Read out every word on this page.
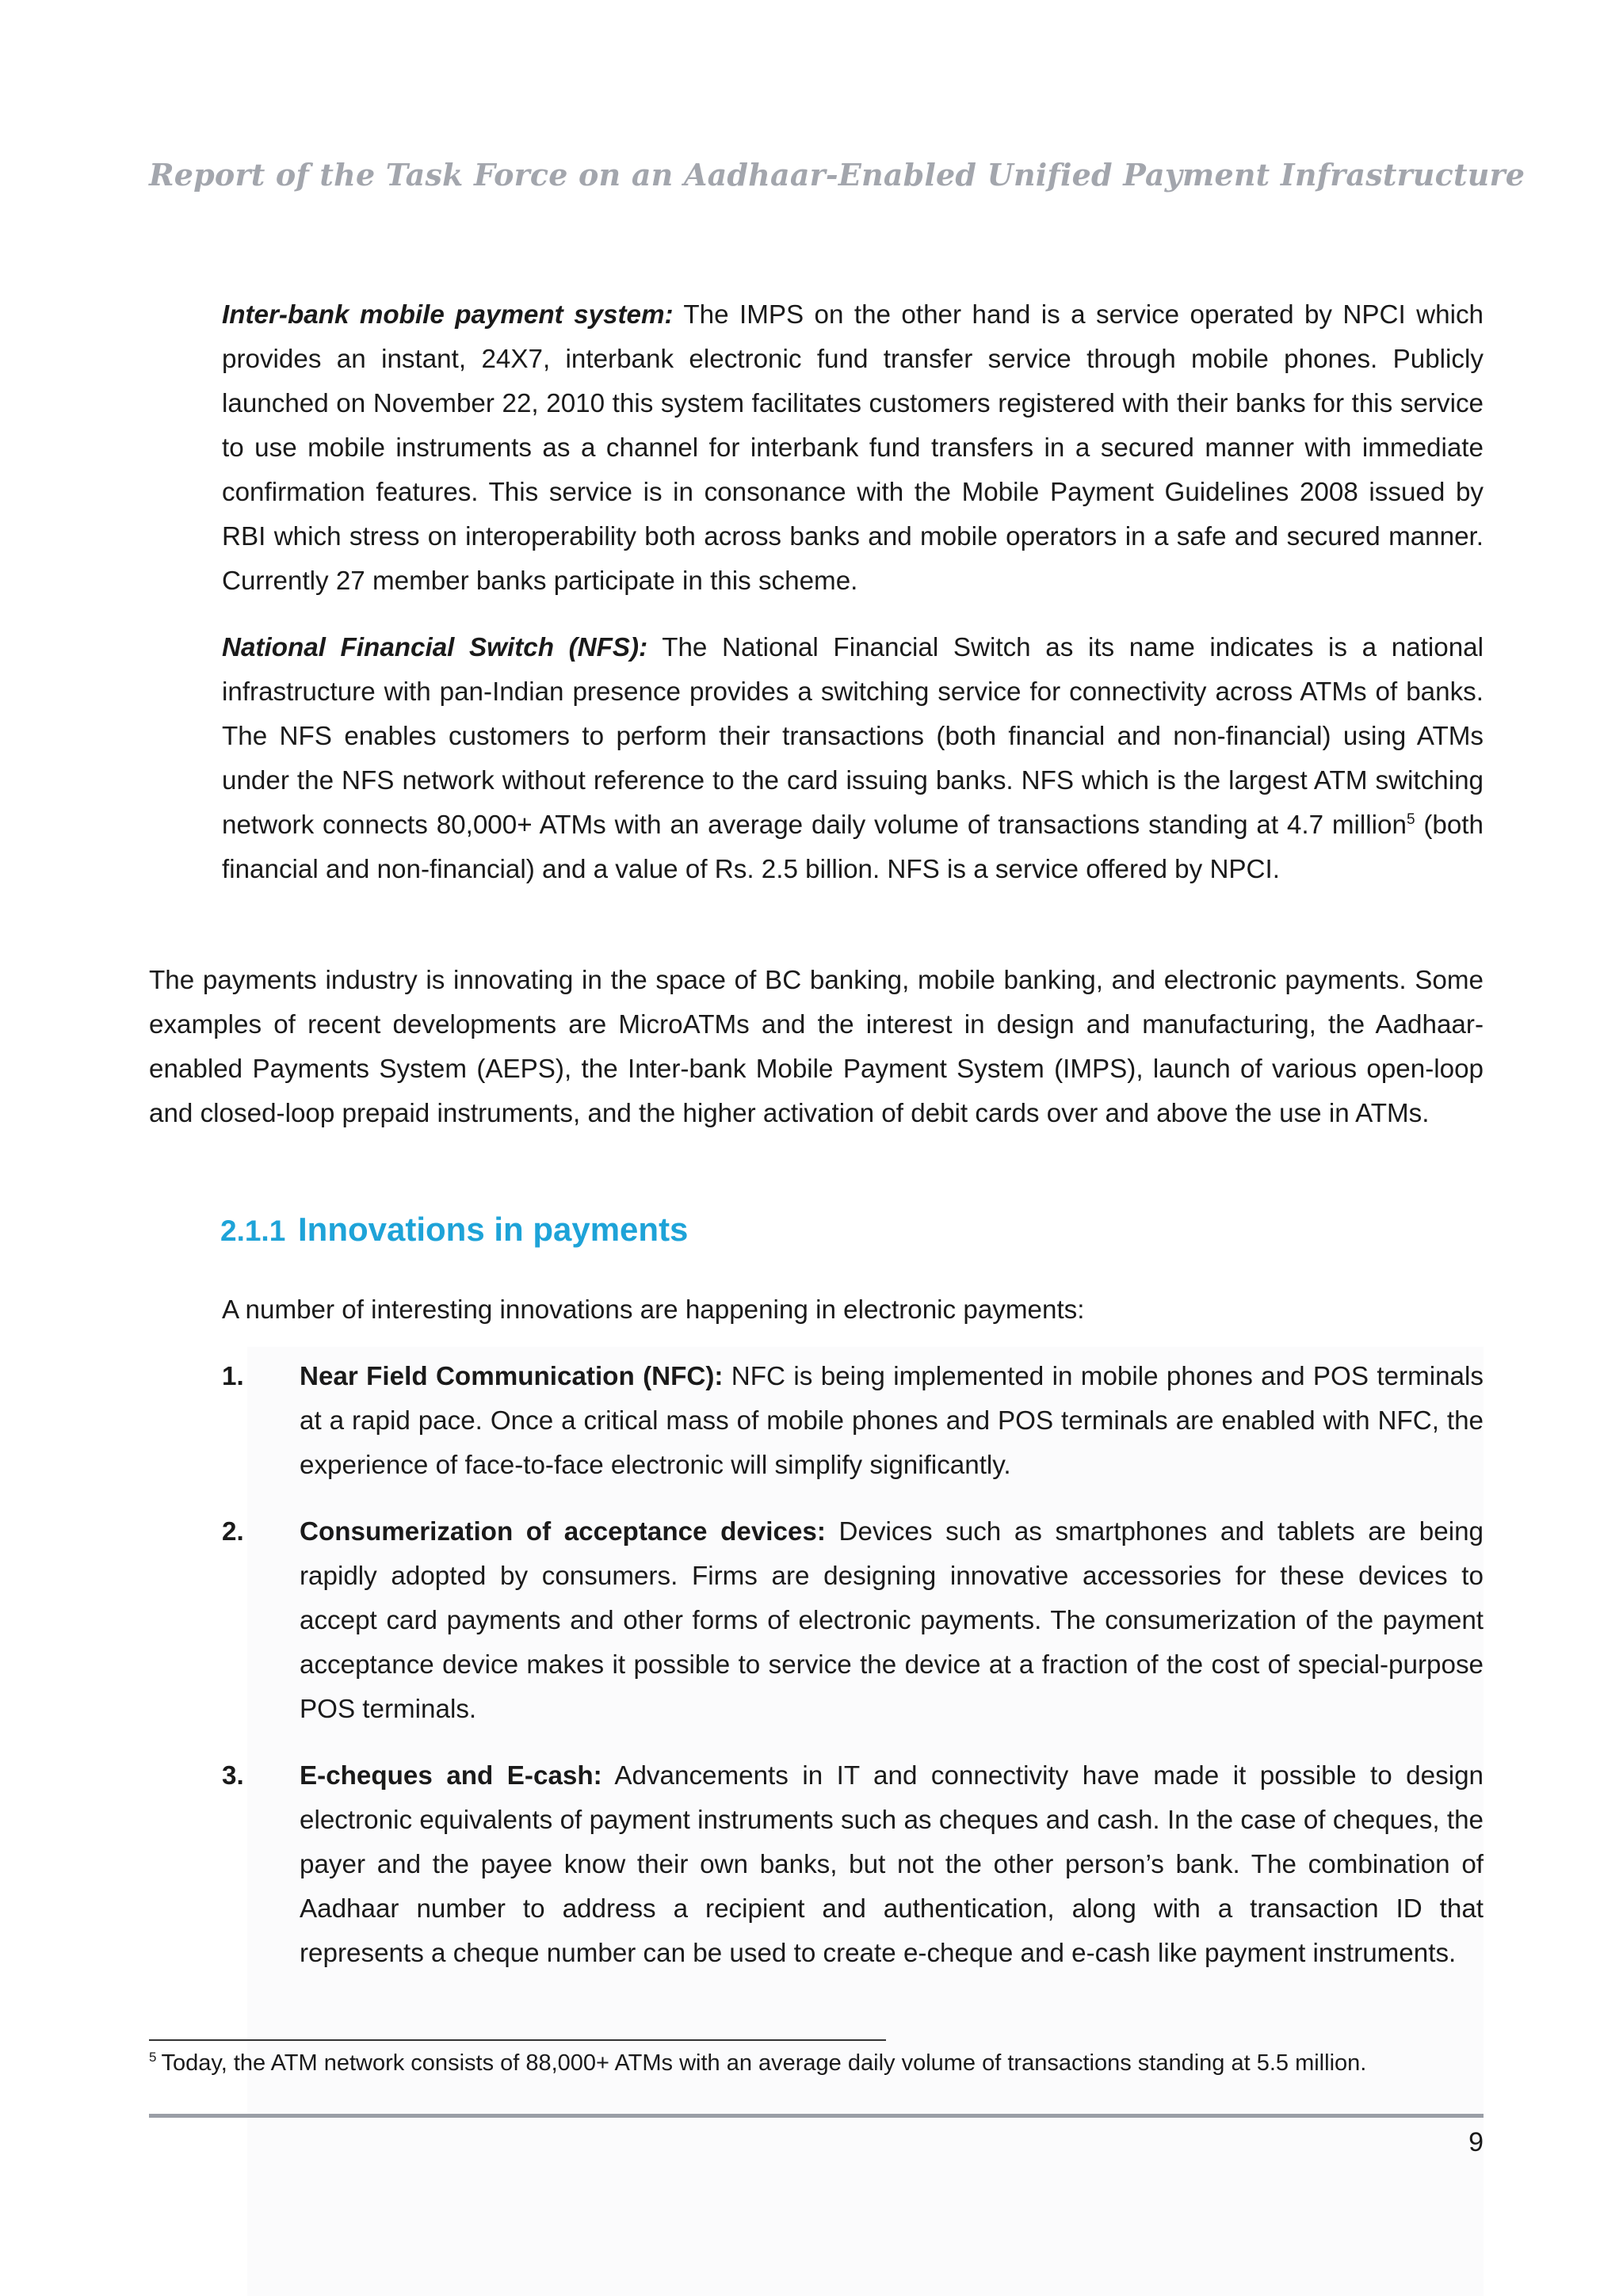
Report of the Task Force on an Aadhaar-Enabled Unified Payment Infrastructure

Inter-bank mobile payment system: The IMPS on the other hand is a service operated by NPCI which provides an instant, 24X7, interbank electronic fund transfer service through mobile phones. Publicly launched on November 22, 2010 this system facilitates customers registered with their banks for this service to use mobile instruments as a channel for interbank fund transfers in a secured manner with immediate confirmation features. This service is in consonance with the Mobile Payment Guidelines 2008 issued by RBI which stress on interoperability both across banks and mobile operators in a safe and secured manner. Currently 27 member banks participate in this scheme.

National Financial Switch (NFS): The National Financial Switch as its name indicates is a national infrastructure with pan-Indian presence provides a switching service for connectivity across ATMs of banks. The NFS enables customers to perform their transactions (both financial and non-financial) using ATMs under the NFS network without reference to the card issuing banks. NFS which is the largest ATM switching network connects 80,000+ ATMs with an average daily volume of transactions standing at 4.7 million$^5$ (both financial and non-financial) and a value of Rs. 2.5 billion. NFS is a service offered by NPCI.

The payments industry is innovating in the space of BC banking, mobile banking, and electronic payments. Some examples of recent developments are MicroATMs and the interest in design and manufacturing, the Aadhaar-enabled Payments System (AEPS), the Inter-bank Mobile Payment System (IMPS), launch of various open-loop and closed-loop prepaid instruments, and the higher activation of debit cards over and above the use in ATMs.

2.1.1 Innovations in payments

A number of interesting innovations are happening in electronic payments:

1.	Near Field Communication (NFC): NFC is being implemented in mobile phones and POS terminals at a rapid pace. Once a critical mass of mobile phones and POS terminals are enabled with NFC, the experience of face-to-face electronic will simplify significantly.

2.	Consumerization of acceptance devices: Devices such as smartphones and tablets are being rapidly adopted by consumers. Firms are designing innovative accessories for these devices to accept card payments and other forms of electronic payments. The consumerization of the payment acceptance device makes it possible to service the device at a fraction of the cost of special-purpose POS terminals.

3.	E-cheques and E-cash: Advancements in IT and connectivity have made it possible to design electronic equivalents of payment instruments such as cheques and cash. In the case of cheques, the payer and the payee know their own banks, but not the other person’s bank. The combination of Aadhaar number to address a recipient and authentication, along with a transaction ID that represents a cheque number can be used to create e-cheque and e-cash like payment instruments.

$^5$ Today, the ATM network consists of 88,000+ ATMs with an average daily volume of transactions standing at 5.5 million.
9
